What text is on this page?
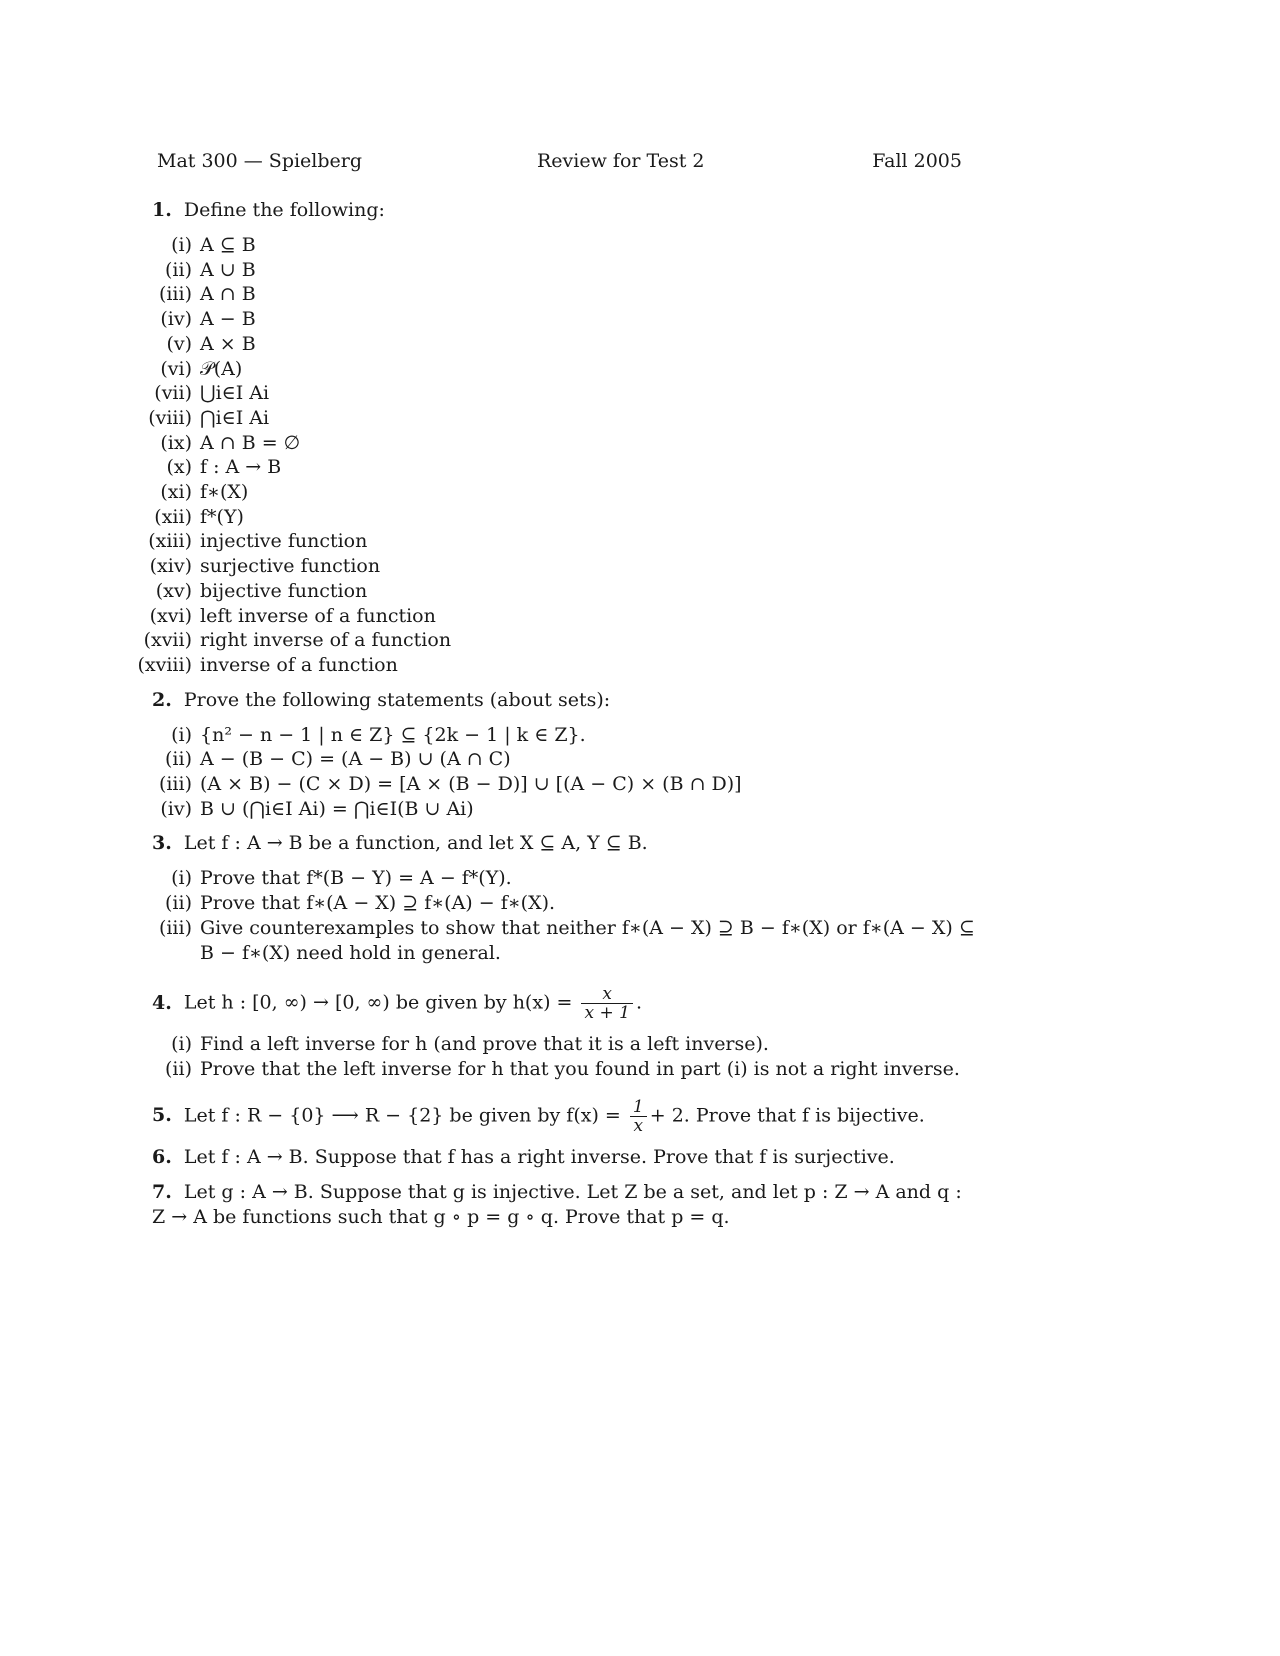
Mat 300 — Spielberg	Review for Test 2	Fall 2005
1. Define the following:
(i) A ⊆ B
(ii) A ∪ B
(iii) A ∩ B
(iv) A − B
(v) A × B
(vi) 𝒫(A)
(vii) ⋃i∈I Ai
(viii) ⋂i∈I Ai
(ix) A ∩ B = ∅
(x) f : A → B
(xi) f∗(X)
(xii) f*(Y)
(xiii) injective function
(xiv) surjective function
(xv) bijective function
(xvi) left inverse of a function
(xvii) right inverse of a function
(xviii) inverse of a function
2. Prove the following statements (about sets):
(i) {n² − n − 1 | n ∈ Z} ⊆ {2k − 1 | k ∈ Z}.
(ii) A − (B − C) = (A − B) ∪ (A ∩ C)
(iii) (A × B) − (C × D) = [A × (B − D)] ∪ [(A − C) × (B ∩ D)]
(iv) B ∪ (⋂i∈I Ai) = ⋂i∈I(B ∪ Ai)
3. Let f : A → B be a function, and let X ⊆ A, Y ⊆ B.
(i) Prove that f*(B − Y) = A − f*(Y).
(ii) Prove that f∗(A − X) ⊇ f∗(A) − f∗(X).
(iii) Give counterexamples to show that neither f∗(A − X) ⊇ B − f∗(X) or f∗(A − X) ⊆ B − f∗(X) need hold in general.
4. Let h : [0, ∞) → [0, ∞) be given by $h(x) = \frac{x}{x + 1}$ .
(i) Find a left inverse for h (and prove that it is a left inverse).
(ii) Prove that the left inverse for h that you found in part (i) is not a right inverse.
5. Let f : R − {0} ⟶ R − {2} be given by $f(x) = \frac{1}{x} + 2$. Prove that f is bijective.
6. Let f : A → B. Suppose that f has a right inverse. Prove that f is surjective.
7. Let g : A → B. Suppose that g is injective. Let Z be a set, and let p : Z → A and q : Z → A be functions such that g ∘ p = g ∘ q. Prove that p = q.
